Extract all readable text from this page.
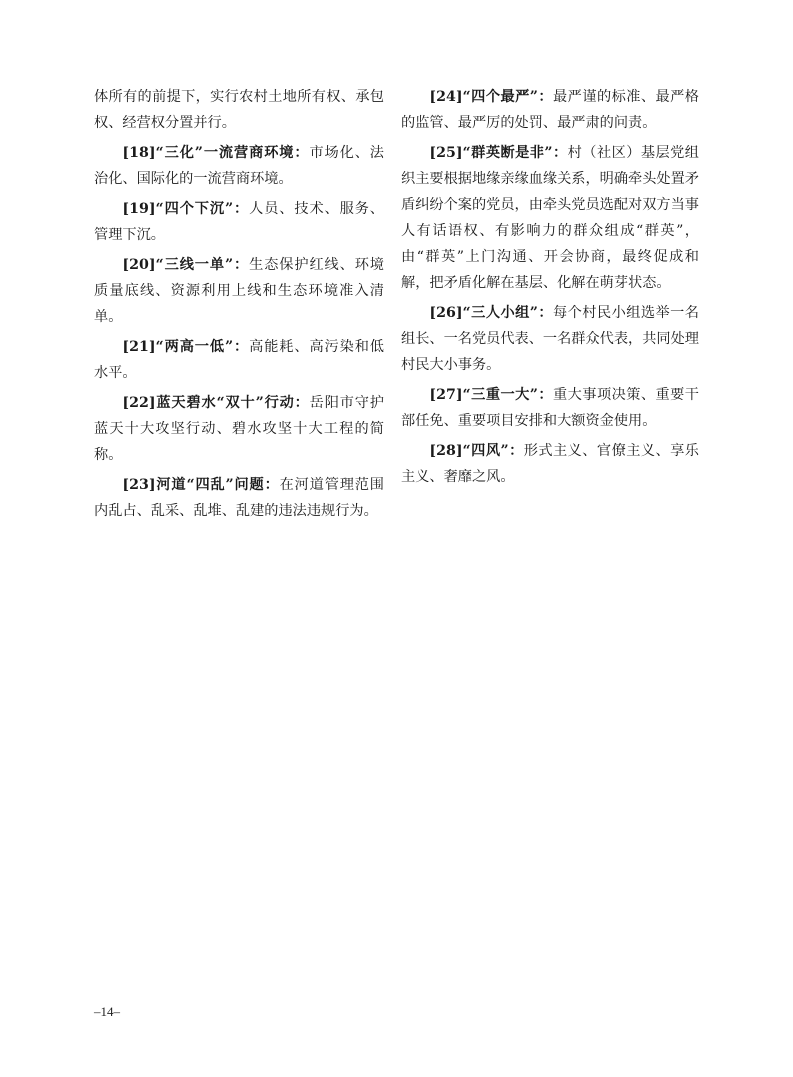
体所有的前提下，实行农村土地所有权、承包权、经营权分置并行。

[18]“三化”一流营商环境：市场化、法治化、国际化的一流营商环境。

[19]“四个下沉”：人员、技术、服务、管理下沉。

[20]“三线一单”：生态保护红线、环境质量底线、资源利用上线和生态环境准入清单。

[21]“两高一低”：高能耗、高污染和低水平。

[22]蓝天碧水“双十”行动：岳阳市守护蓝天十大攻坚行动、碧水攻坚十大工程的简称。

[23]河道“四乱”问题：在河道管理范围内乱占、乱采、乱堆、乱建的违法违规行为。

[24]“四个最严”：最严谨的标准、最严格的监管、最严厉的处罚、最严肃的问责。

[25]“群英断是非”：村（社区）基层党组织主要根据地缘亲缘血缘关系，明确牵头处置矛盾纠纷个案的党员，由牵头党员选配对双方当事人有话语权、有影响力的群众组成“群英”，由“群英”上门沟通、开会协商，最终促成和解，把矛盾化解在基层、化解在萌芽状态。

[26]“三人小组”：每个村民小组选举一名组长、一名党员代表、一名群众代表，共同处理村民大小事务。

[27]“三重一大”：重大事项决策、重要干部任免、重要项目安排和大额资金使用。

[28]“四风”：形式主义、官僚主义、享乐主义、奢靡之风。

–14–
